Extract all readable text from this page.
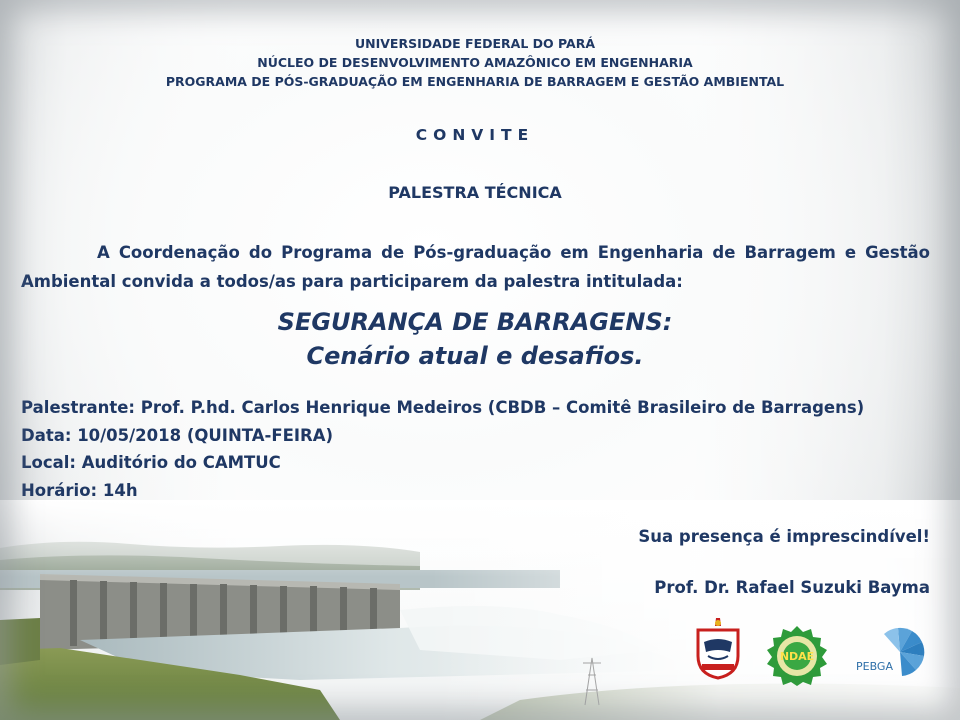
UNIVERSIDADE FEDERAL DO PARÁ
NÚCLEO DE DESENVOLVIMENTO AMAZÔNICO EM ENGENHARIA
PROGRAMA DE PÓS-GRADUAÇÃO EM ENGENHARIA DE BARRAGEM E GESTÃO AMBIENTAL
CONVITE
PALESTRA TÉCNICA
A Coordenação do Programa de Pós-graduação em Engenharia de Barragem e Gestão Ambiental convida a todos/as para participarem da palestra intitulada:
SEGURANÇA DE BARRAGENS:
Cenário atual e desafios.
Palestrante: Prof. P.hd. Carlos Henrique Medeiros (CBDB – Comitê Brasileiro de Barragens)
Data: 10/05/2018 (QUINTA-FEIRA)
Local: Auditório do CAMTUC
Horário: 14h
Sua presença é imprescindível!
Prof. Dr. Rafael Suzuki Bayma
NDAE
PEBGA
